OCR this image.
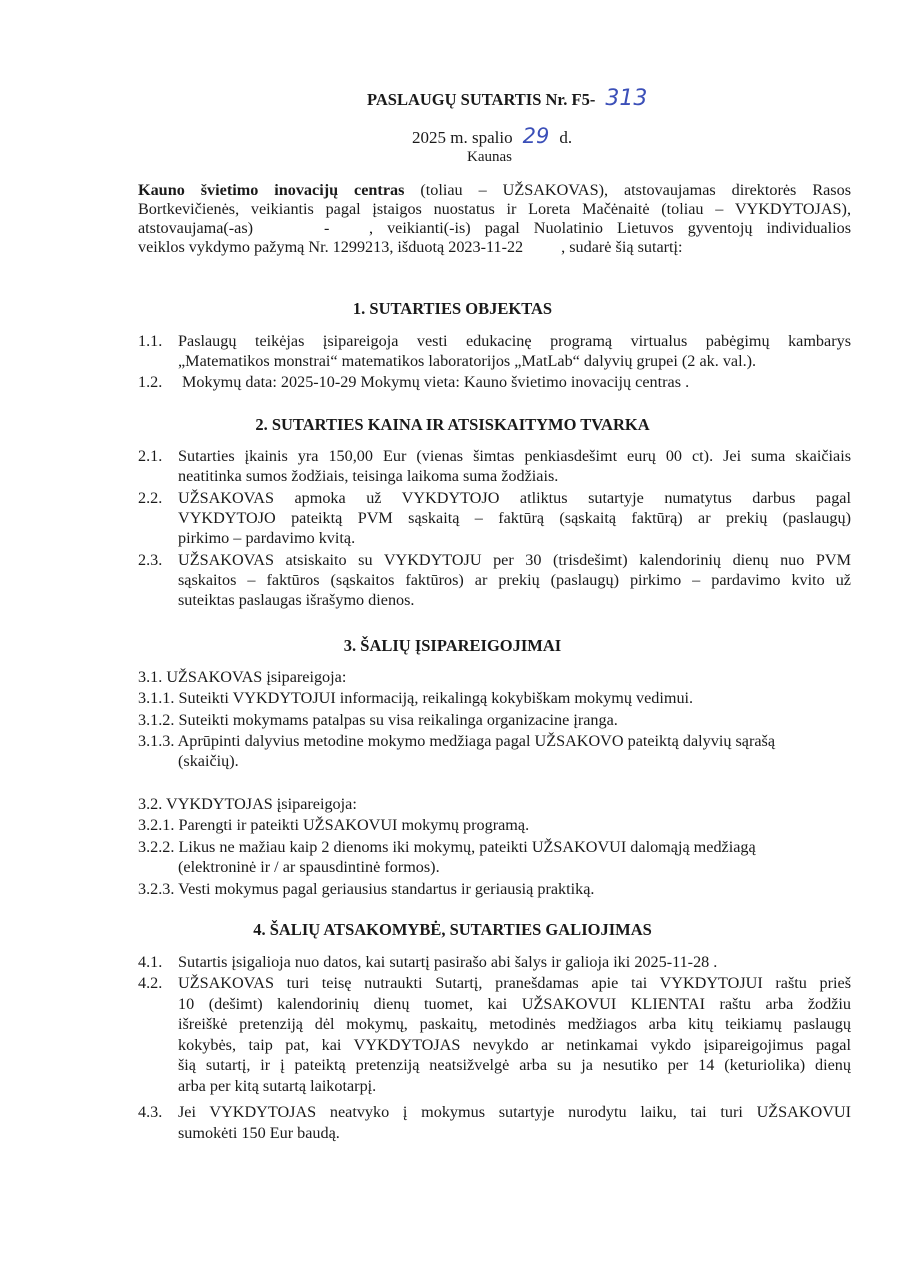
PASLAUGŲ SUTARTIS Nr. F5- 313
2025 m. spalio 29 d.
Kaunas
Kauno švietimo inovacijų centras (toliau – UŽSAKOVAS), atstovaujamas direktorės Rasos
Bortkevičienės, veikiantis pagal įstaigos nuostatus ir Loreta Mačėnaitė (toliau – VYKDYTOJAS),
atstovaujama(-as)	- , veikianti(-is) pagal Nuolatinio Lietuvos gyventojų individualios
veiklos vykdymo pažymą Nr. 1299213, išduotą 2023-11-22 , sudarė šią sutartį:
1. SUTARTIES OBJEKTAS
1.1. Paslaugų teikėjas įsipareigoja vesti edukacinę programą virtualus pabėgimų kambarys
„Matematikos monstrai“ matematikos laboratorijos „MatLab“ dalyvių grupei (2 ak. val.).
1.2. Mokymų data: 2025-10-29 Mokymų vieta: Kauno švietimo inovacijų centras .
2. SUTARTIES KAINA IR ATSISKAITYMO TVARKA
2.1. Sutarties įkainis yra 150,00 Eur (vienas šimtas penkiasdešimt eurų 00 ct). Jei suma skaičiais
neatitinka sumos žodžiais, teisinga laikoma suma žodžiais.
2.2. UŽSAKOVAS apmoka už VYKDYTOJO atliktus sutartyje numatytus darbus pagal
VYKDYTOJO pateiktą PVM sąskaitą – faktūrą (sąskaitą faktūrą) ar prekių (paslaugų)
pirkimo – pardavimo kvitą.
2.3. UŽSAKOVAS atsiskaito su VYKDYTOJU per 30 (trisdešimt) kalendorinių dienų nuo PVM
sąskaitos – faktūros (sąskaitos faktūros) ar prekių (paslaugų) pirkimo – pardavimo kvito už
suteiktas paslaugas išrašymo dienos.
3. ŠALIŲ ĮSIPAREIGOJIMAI
3.1. UŽSAKOVAS įsipareigoja:
3.1.1. Suteikti VYKDYTOJUI informaciją, reikalingą kokybiškam mokymų vedimui.
3.1.2. Suteikti mokymams patalpas su visa reikalinga organizacine įranga.
3.1.3. Aprūpinti dalyvius metodine mokymo medžiaga pagal UŽSAKOVO pateiktą dalyvių sąrašą
(skaičių).
3.2. VYKDYTOJAS įsipareigoja:
3.2.1. Parengti ir pateikti UŽSAKOVUI mokymų programą.
3.2.2. Likus ne mažiau kaip 2 dienoms iki mokymų, pateikti UŽSAKOVUI dalomąją medžiagą
(elektroninė ir / ar spausdintinė formos).
3.2.3. Vesti mokymus pagal geriausius standartus ir geriausią praktiką.
4. ŠALIŲ ATSAKOMYBĖ, SUTARTIES GALIOJIMAS
4.1. Sutartis įsigalioja nuo datos, kai sutartį pasirašo abi šalys ir galioja iki 2025-11-28 .
4.2. UŽSAKOVAS turi teisę nutraukti Sutartį, pranešdamas apie tai VYKDYTOJUI raštu prieš
10 (dešimt) kalendorinių dienų tuomet, kai UŽSAKOVUI KLIENTAI raštu arba žodžiu
išreiškė pretenziją dėl mokymų, paskaitų, metodinės medžiagos arba kitų teikiamų paslaugų
kokybės, taip pat, kai VYKDYTOJAS nevykdo ar netinkamai vykdo įsipareigojimus pagal
šią sutartį, ir į pateiktą pretenziją neatsižvelgė arba su ja nesutiko per 14 (keturiolika) dienų
arba per kitą sutartą laikotarpį.
4.3. Jei VYKDYTOJAS neatvyko į mokymus sutartyje nurodytu laiku, tai turi UŽSAKOVUI
sumokėti 150 Eur baudą.
